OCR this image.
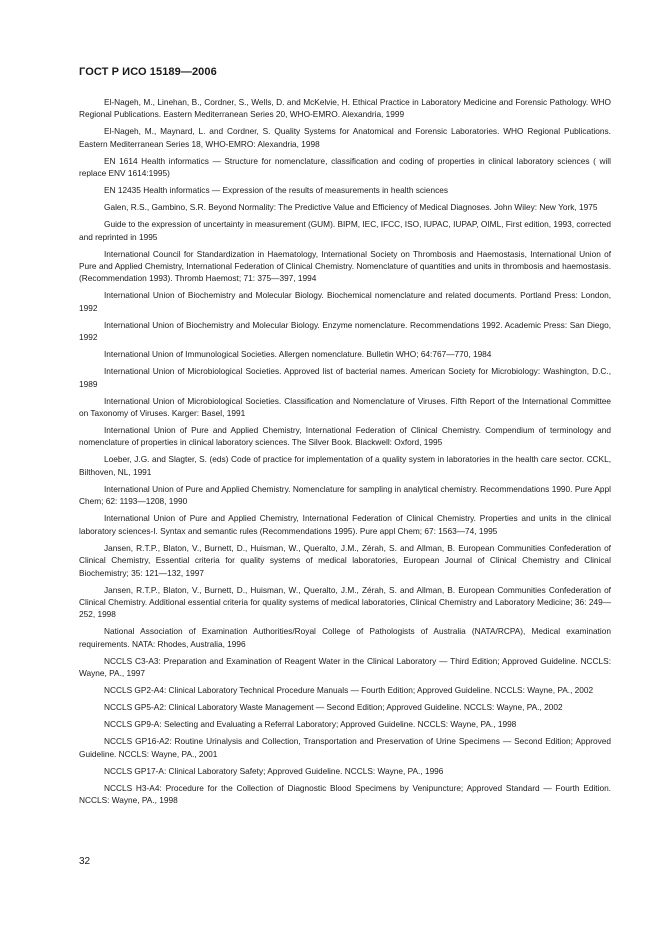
ГОСТ Р ИСО 15189—2006

El-Nageh, M., Linehan, B., Cordner, S., Wells, D. and McKelvie, H. Ethical Practice in Laboratory Medicine and Forensic Pathology. WHO Regional Publications. Eastern Mediterranean Series 20, WHO-EMRO. Alexandria, 1999

El-Nageh, M., Maynard, L. and Cordner, S. Quality Systems for Anatomical and Forensic Laboratories. WHO Regional Publications. Eastern Mediterranean Series 18, WHO-EMRO: Alexandria, 1998

EN 1614 Health informatics — Structure for nomenclature, classification and coding of properties in clinical laboratory sciences ( will replace ENV 1614:1995)

EN 12435 Health informatics — Expression of the results of measurements in health sciences

Galen, R.S., Gambino, S.R. Beyond Normality: The Predictive Value and Efficiency of Medical Diagnoses. John Wiley: New York, 1975

Guide to the expression of uncertainty in measurement (GUM). BIPM, IEC, IFCC, ISO, IUPAC, IUPAP, OIML, First edition, 1993, corrected and reprinted in 1995

International Council for Standardization in Haematology, International Society on Thrombosis and Haemostasis, International Union of Pure and Applied Chemistry, International Federation of Clinical Chemistry. Nomenclature of quantities and units in thrombosis and haemostasis. (Recommendation 1993). Thromb Haemost; 71: 375—397, 1994

International Union of Biochemistry and Molecular Biology. Biochemical nomenclature and related documents. Portland Press: London, 1992

International Union of Biochemistry and Molecular Biology. Enzyme nomenclature. Recommendations 1992. Academic Press: San Diego, 1992

International Union of Immunological Societies. Allergen nomenclature. Bulletin WHO; 64:767—770, 1984

International Union of Microbiological Societies. Approved list of bacterial names. American Society for Microbiology: Washington, D.C., 1989

International Union of Microbiological Societies. Classification and Nomenclature of Viruses. Fifth Report of the International Committee on Taxonomy of Viruses. Karger: Basel, 1991

International Union of Pure and Applied Chemistry, International Federation of Clinical Chemistry. Compendium of terminology and nomenclature of properties in clinical laboratory sciences. The Silver Book. Blackwell: Oxford, 1995

Loeber, J.G. and Slagter, S. (eds) Code of practice for implementation of a quality system in laboratories in the health care sector. CCKL, Bilthoven, NL, 1991

International Union of Pure and Applied Chemistry. Nomenclature for sampling in analytical chemistry. Recommendations 1990. Pure Appl Chem; 62: 1193—1208, 1990

International Union of Pure and Applied Chemistry, International Federation of Clinical Chemistry. Properties and units in the clinical laboratory sciences-I. Syntax and semantic rules (Recommendations 1995). Pure appl Chem; 67: 1563—74, 1995

Jansen, R.T.P., Blaton, V., Burnett, D., Huisman, W., Queralto, J.M., Zérah, S. and Allman, B. European Communities Confederation of Clinical Chemistry, Essential criteria for quality systems of medical laboratories, European Journal of Clinical Chemistry and Clinical Biochemistry; 35: 121—132, 1997

Jansen, R.T.P., Blaton, V., Burnett, D., Huisman, W., Queralto, J.M., Zérah, S. and Allman, B. European Communities Confederation of Clinical Chemistry. Additional essential criteria for quality systems of medical laboratories, Clinical Chemistry and Laboratory Medicine; 36: 249—252, 1998

National Association of Examination Authorities/Royal College of Pathologists of Australia (NATA/RCPA), Medical examination requirements. NATA: Rhodes, Australia, 1996

NCCLS C3-A3: Preparation and Examination of Reagent Water in the Clinical Laboratory — Third Edition; Approved Guideline. NCCLS: Wayne, PA., 1997

NCCLS GP2-A4: Clinical Laboratory Technical Procedure Manuals — Fourth Edition; Approved Guideline. NCCLS: Wayne, PA., 2002

NCCLS GP5-A2: Clinical Laboratory Waste Management — Second Edition; Approved Guideline. NCCLS: Wayne, PA., 2002

NCCLS GP9-A: Selecting and Evaluating a Referral Laboratory; Approved Guideline. NCCLS: Wayne, PA., 1998

NCCLS GP16-A2: Routine Urinalysis and Collection, Transportation and Preservation of Urine Specimens — Second Edition; Approved Guideline. NCCLS: Wayne, PA., 2001

NCCLS GP17-A: Clinical Laboratory Safety; Approved Guideline. NCCLS: Wayne, PA., 1996

NCCLS H3-A4: Procedure for the Collection of Diagnostic Blood Specimens by Venipuncture; Approved Standard — Fourth Edition. NCCLS: Wayne, PA., 1998

32
